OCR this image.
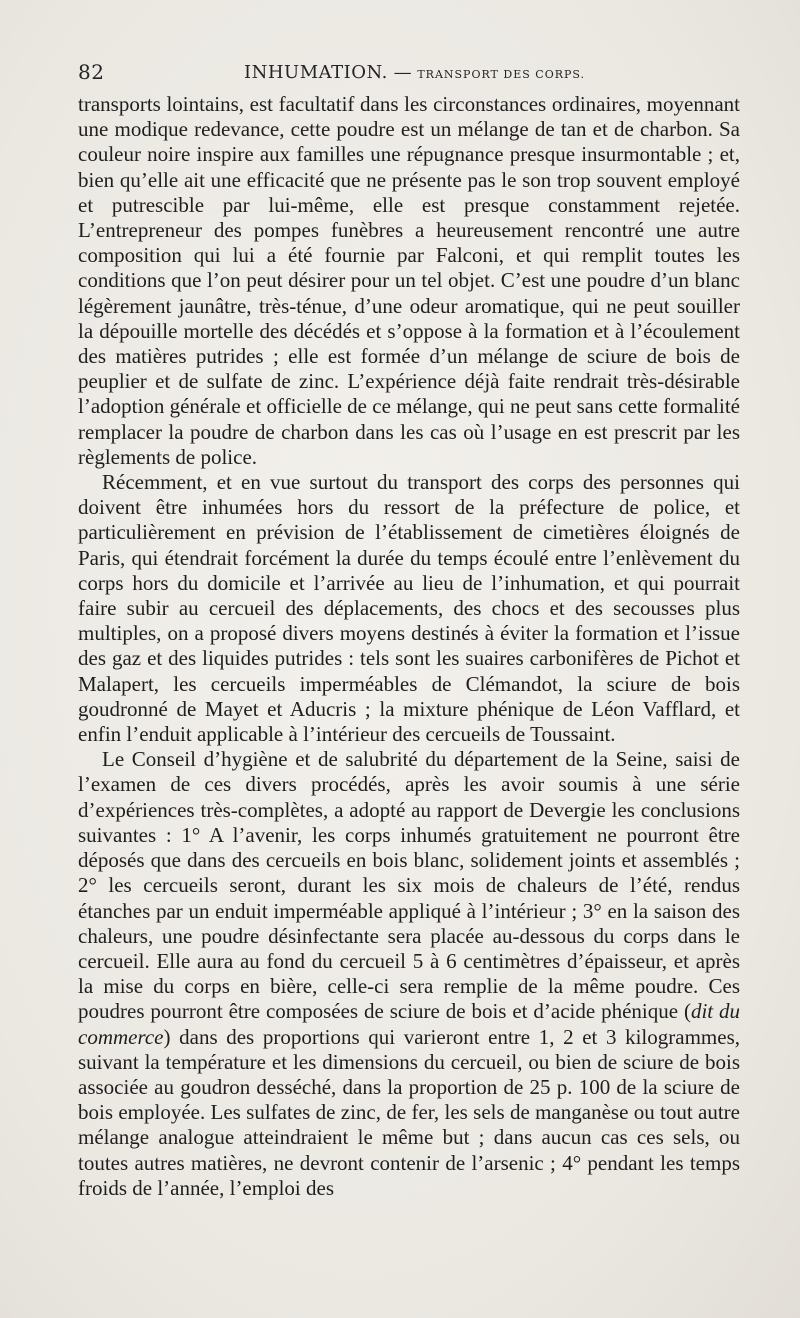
82	INHUMATION. — TRANSPORT DES CORPS.

transports lointains, est facultatif dans les circonstances ordinaires, moyennant une modique redevance, cette poudre est un mélange de tan et de charbon. Sa couleur noire inspire aux familles une répugnance presque insurmontable ; et, bien qu’elle ait une efficacité que ne présente pas le son trop souvent employé et putrescible par lui-même, elle est presque constamment rejetée. L’entrepreneur des pompes funèbres a heureusement rencontré une autre composition qui lui a été fournie par Falconi, et qui remplit toutes les conditions que l’on peut désirer pour un tel objet. C’est une poudre d’un blanc légèrement jaunâtre, très-ténue, d’une odeur aromatique, qui ne peut souiller la dépouille mortelle des décédés et s’oppose à la formation et à l’écoulement des matières putrides ; elle est formée d’un mélange de sciure de bois de peuplier et de sulfate de zinc. L’expérience déjà faite rendrait très-désirable l’adoption générale et officielle de ce mélange, qui ne peut sans cette formalité remplacer la poudre de charbon dans les cas où l’usage en est prescrit par les règlements de police.

Récemment, et en vue surtout du transport des corps des personnes qui doivent être inhumées hors du ressort de la préfecture de police, et particulièrement en prévision de l’établissement de cimetières éloignés de Paris, qui étendrait forcément la durée du temps écoulé entre l’enlèvement du corps hors du domicile et l’arrivée au lieu de l’inhumation, et qui pourrait faire subir au cercueil des déplacements, des chocs et des secousses plus multiples, on a proposé divers moyens destinés à éviter la formation et l’issue des gaz et des liquides putrides : tels sont les suaires carbonifères de Pichot et Malapert, les cercueils imperméables de Clémandot, la sciure de bois goudronné de Mayet et Aducris ; la mixture phénique de Léon Vafflard, et enfin l’enduit applicable à l’intérieur des cercueils de Toussaint.

Le Conseil d’hygiène et de salubrité du département de la Seine, saisi de l’examen de ces divers procédés, après les avoir soumis à une série d’expériences très-complètes, a adopté au rapport de Devergie les conclusions suivantes : 1° A l’avenir, les corps inhumés gratuitement ne pourront être déposés que dans des cercueils en bois blanc, solidement joints et assemblés ; 2° les cercueils seront, durant les six mois de chaleurs de l’été, rendus étanches par un enduit imperméable appliqué à l’intérieur ; 3° en la saison des chaleurs, une poudre désinfectante sera placée au-dessous du corps dans le cercueil. Elle aura au fond du cercueil 5 à 6 centimètres d’épaisseur, et après la mise du corps en bière, celle-ci sera remplie de la même poudre. Ces poudres pourront être composées de sciure de bois et d’acide phénique (dit du commerce) dans des proportions qui varieront entre 1, 2 et 3 kilogrammes, suivant la température et les dimensions du cercueil, ou bien de sciure de bois associée au goudron desséché, dans la proportion de 25 p. 100 de la sciure de bois employée. Les sulfates de zinc, de fer, les sels de manganèse ou tout autre mélange analogue atteindraient le même but ; dans aucun cas ces sels, ou toutes autres matières, ne devront contenir de l’arsenic ; 4° pendant les temps froids de l’année, l’emploi des
